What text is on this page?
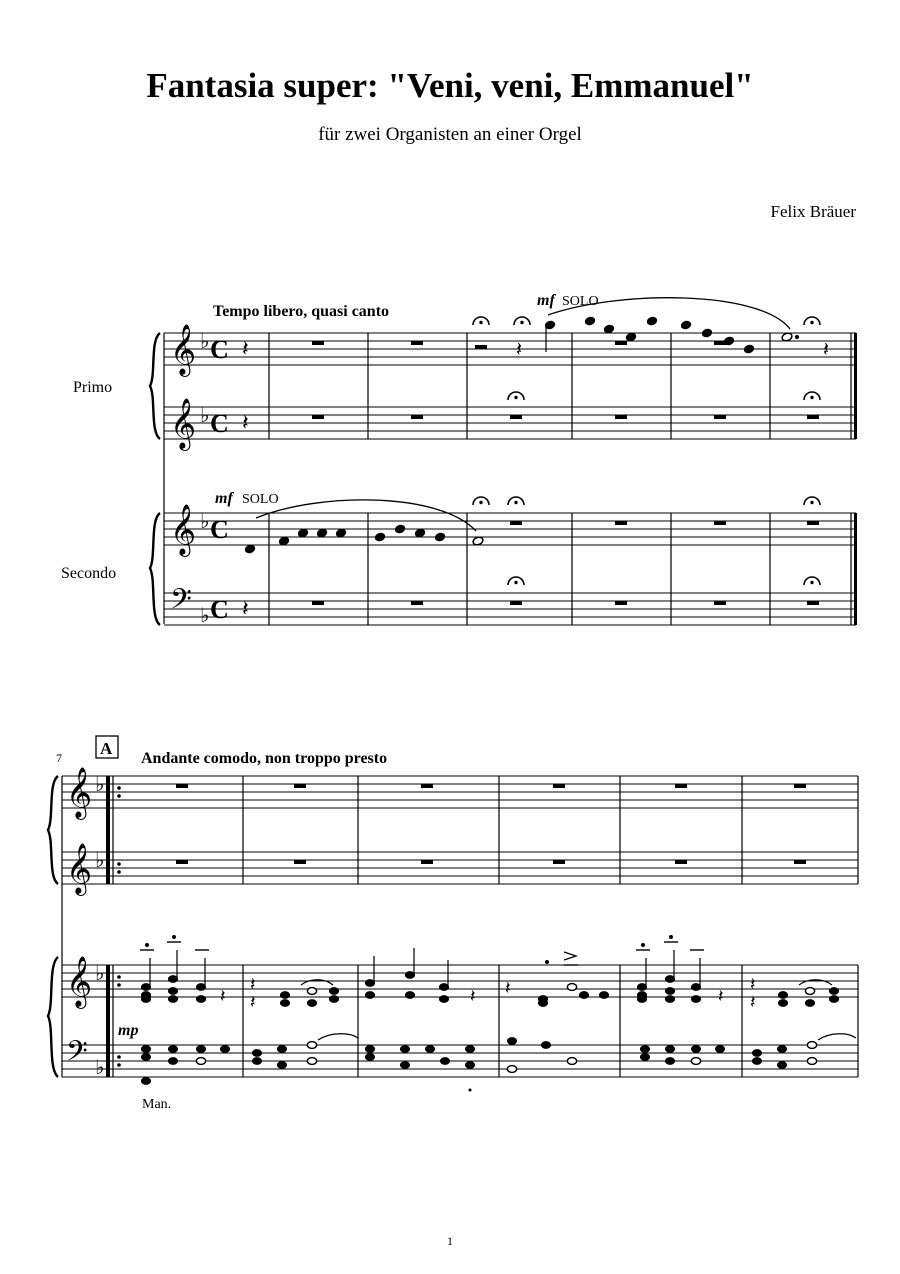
Fantasia super: "Veni, veni, Emmanuel"
für zwei Organisten an einer Orgel
Felix Bräuer
Tempo libero, quasi canto
Primo
Secondo
𝄞
𝄞
𝄞
𝄢
♭
♭
♭
♭
C
C
C
C
𝄽
𝄽
𝄽
mf SOLO
𝄽	𝄽
mf SOLO
7 A
Andante comodo, non troppo presto
𝄞
𝄞
𝄞
𝄢
♭
♭
♭
♭
𝄽
𝄽
𝄽	𝄽 𝄽	𝄽
𝄽
𝄽
mp
Man.
1
